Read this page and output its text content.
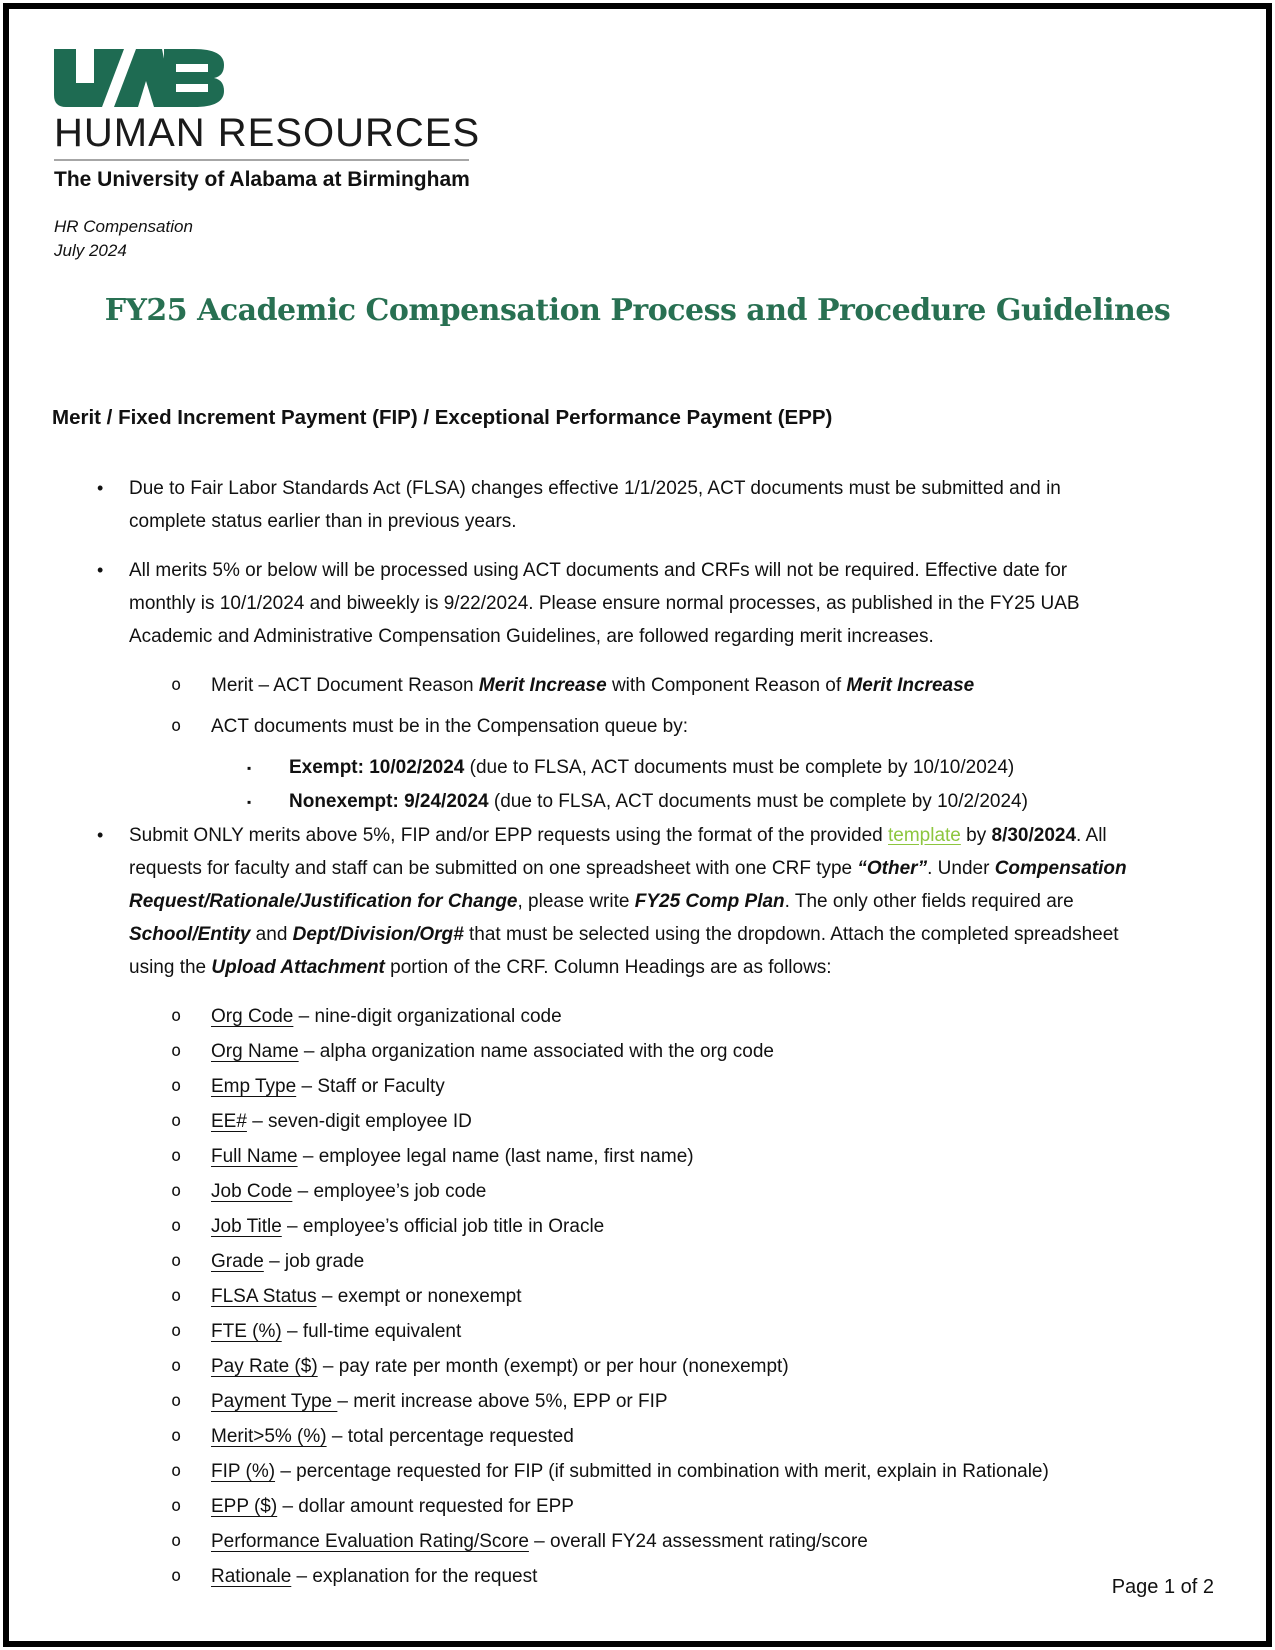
HUMAN RESOURCES
The University of Alabama at Birmingham
HR Compensation
July 2024
FY25 Academic Compensation Process and Procedure Guidelines
Merit / Fixed Increment Payment (FIP) / Exceptional Performance Payment (EPP)
• Due to Fair Labor Standards Act (FLSA) changes effective 1/1/2025, ACT documents must be submitted and in complete status earlier than in previous years.
• All merits 5% or below will be processed using ACT documents and CRFs will not be required. Effective date for monthly is 10/1/2024 and biweekly is 9/22/2024. Please ensure normal processes, as published in the FY25 UAB Academic and Administrative Compensation Guidelines, are followed regarding merit increases.
o Merit – ACT Document Reason Merit Increase with Component Reason of Merit Increase
o ACT documents must be in the Compensation queue by:
▪ Exempt: 10/02/2024 (due to FLSA, ACT documents must be complete by 10/10/2024)
▪ Nonexempt: 9/24/2024 (due to FLSA, ACT documents must be complete by 10/2/2024)
• Submit ONLY merits above 5%, FIP and/or EPP requests using the format of the provided template by 8/30/2024. All requests for faculty and staff can be submitted on one spreadsheet with one CRF type “Other”. Under Compensation Request/Rationale/Justification for Change, please write FY25 Comp Plan. The only other fields required are School/Entity and Dept/Division/Org# that must be selected using the dropdown. Attach the completed spreadsheet using the Upload Attachment portion of the CRF. Column Headings are as follows:
o Org Code – nine-digit organizational code
o Org Name – alpha organization name associated with the org code
o Emp Type – Staff or Faculty
o EE# – seven-digit employee ID
o Full Name – employee legal name (last name, first name)
o Job Code – employee’s job code
o Job Title – employee’s official job title in Oracle
o Grade – job grade
o FLSA Status – exempt or nonexempt
o FTE (%) – full-time equivalent
o Pay Rate ($) – pay rate per month (exempt) or per hour (nonexempt)
o Payment Type – merit increase above 5%, EPP or FIP
o Merit>5% (%) – total percentage requested
o FIP (%) – percentage requested for FIP (if submitted in combination with merit, explain in Rationale)
o EPP ($) – dollar amount requested for EPP
o Performance Evaluation Rating/Score – overall FY24 assessment rating/score
o Rationale – explanation for the request	Page 1 of 2
